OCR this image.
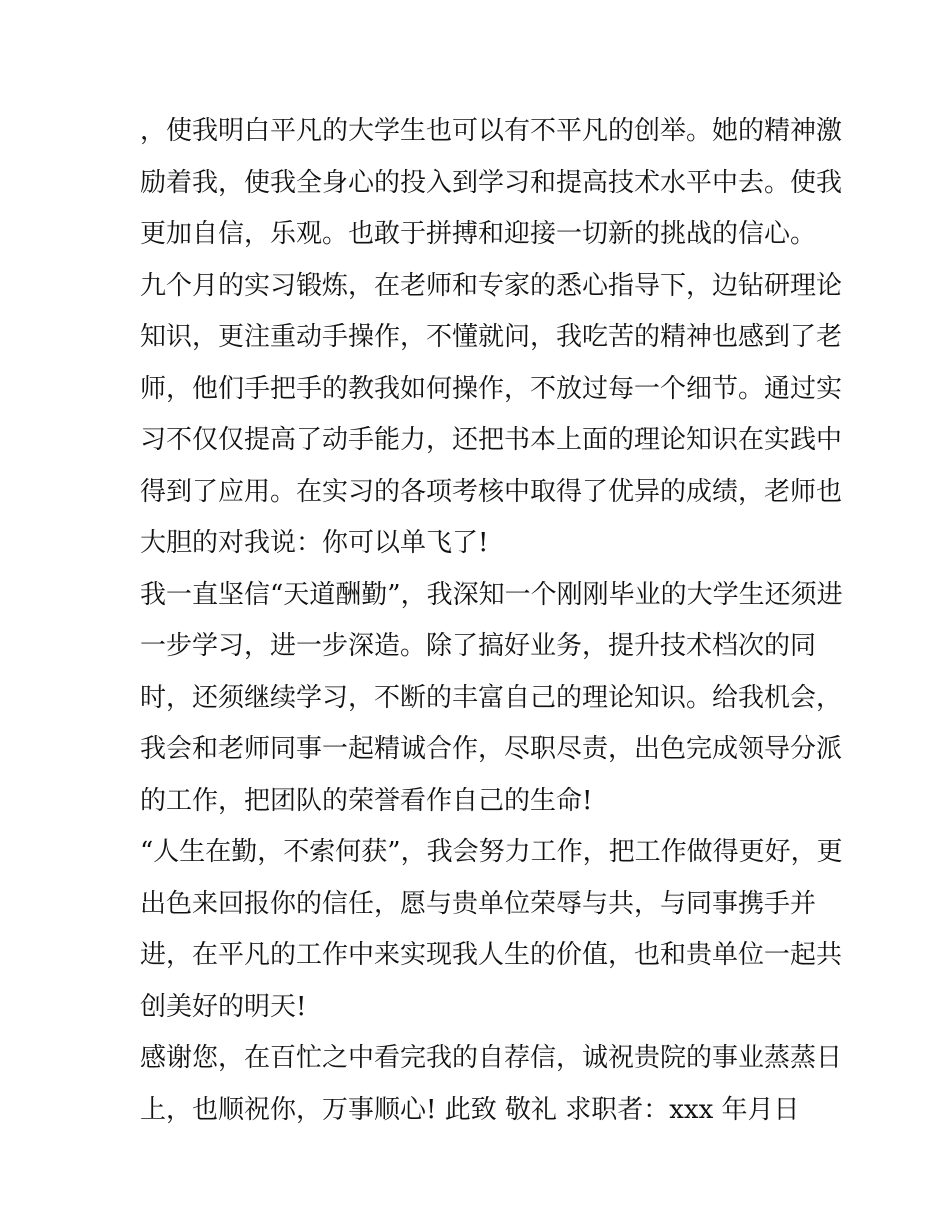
，使我明白平凡的大学生也可以有不平凡的创举。她的精神激
励着我，使我全身心的投入到学习和提高技术水平中去。使我
更加自信，乐观。也敢于拼搏和迎接一切新的挑战的信心。
九个月的实习锻炼，在老师和专家的悉心指导下，边钻研理论
知识，更注重动手操作，不懂就问，我吃苦的精神也感到了老
师，他们手把手的教我如何操作，不放过每一个细节。通过实
习不仅仅提高了动手能力，还把书本上面的理论知识在实践中
得到了应用。在实习的各项考核中取得了优异的成绩，老师也
大胆的对我说：你可以单飞了!
我一直坚信“天道酬勤”，我深知一个刚刚毕业的大学生还须进
一步学习，进一步深造。除了搞好业务，提升技术档次的同
时，还须继续学习，不断的丰富自己的理论知识。给我机会，
我会和老师同事一起精诚合作，尽职尽责，出色完成领导分派
的工作，把团队的荣誉看作自己的生命!
“人生在勤，不索何获”，我会努力工作，把工作做得更好，更
出色来回报你的信任，愿与贵单位荣辱与共，与同事携手并
进，在平凡的工作中来实现我人生的价值，也和贵单位一起共
创美好的明天!
感谢您，在百忙之中看完我的自荐信，诚祝贵院的事业蒸蒸日
上，也顺祝你，万事顺心! 此致 敬礼 求职者：xxx 年月日
